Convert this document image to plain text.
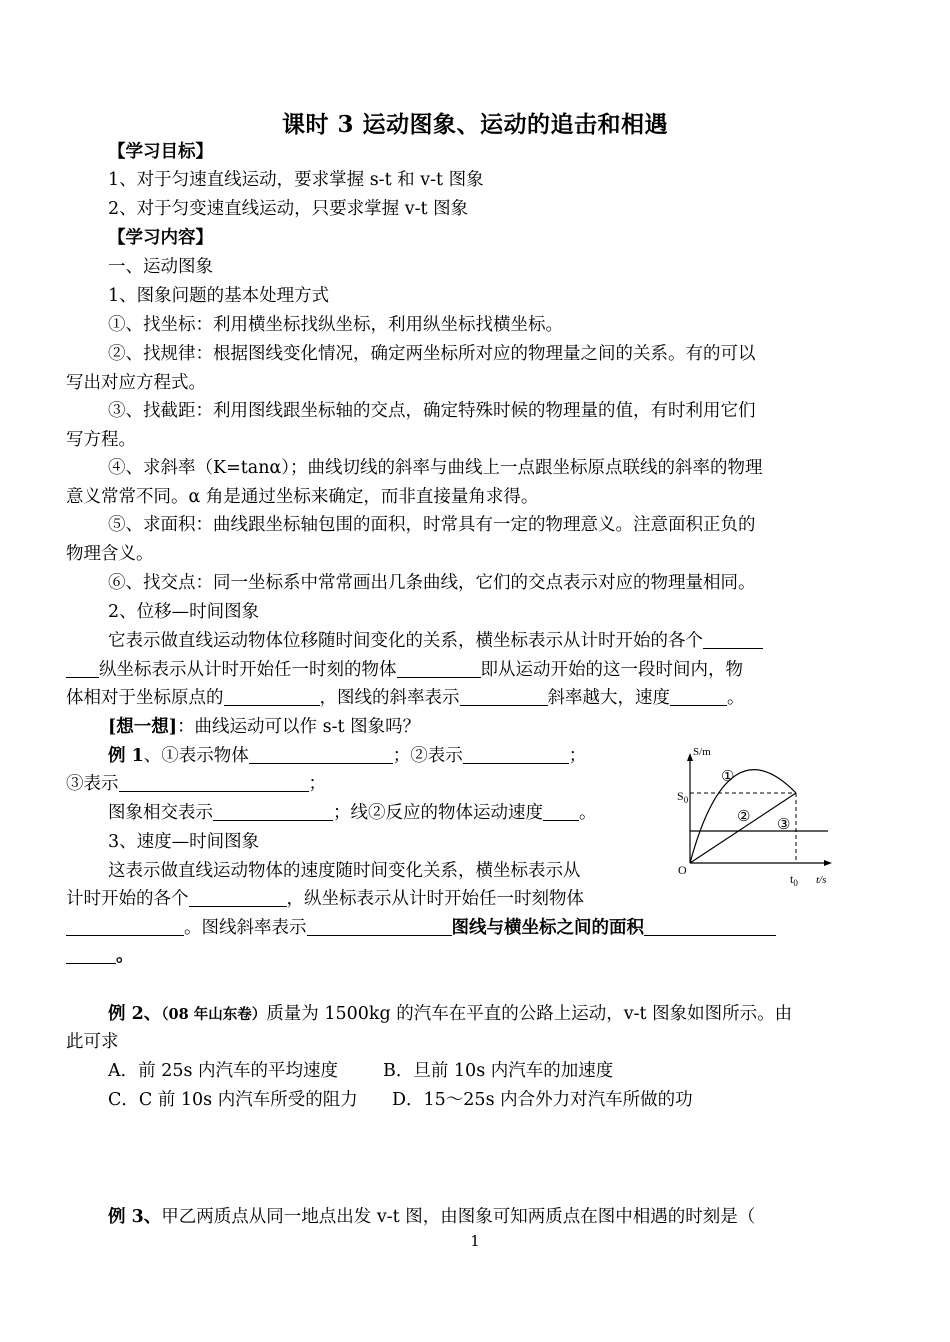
课时 3 运动图象、运动的追击和相遇
【学习目标】
1、对于匀速直线运动，要求掌握 s-t 和 v-t 图象
2、对于匀变速直线运动，只要求掌握 v-t 图象
【学习内容】
一、运动图象
1、图象问题的基本处理方式
①、找坐标：利用横坐标找纵坐标，利用纵坐标找横坐标。
②、找规律：根据图线变化情况，确定两坐标所对应的物理量之间的关系。有的可以
写出对应方程式。
③、找截距：利用图线跟坐标轴的交点，确定特殊时候的物理量的值，有时利用它们
写方程。
④、求斜率（K=tanα）；曲线切线的斜率与曲线上一点跟坐标原点联线的斜率的物理
意义常常不同。α 角是通过坐标来确定，而非直接量角求得。
⑤、求面积：曲线跟坐标轴包围的面积，时常具有一定的物理意义。注意面积正负的
物理含义。
⑥、找交点：同一坐标系中常常画出几条曲线，它们的交点表示对应的物理量相同。
2、位移—时间图象
它表示做直线运动物体位移随时间变化的关系，横坐标表示从计时开始的各个
纵坐标表示从计时开始任一时刻的物体	即从运动开始的这一段时间内，物
体相对于坐标原点的	，图线的斜率表示	斜率越大，速度	。
[想一想]：曲线运动可以作 s-t 图象吗？
例 1、①表示物体	；②表示	；
③表示	；
图象相交表示	；线②反应的物体运动速度 。
3、速度—时间图象
这表示做直线运动物体的速度随时间变化关系，横坐标表示从
计时开始的各个	，纵坐标表示从计时开始任一时刻物体
。图线斜率表示	图线与横坐标之间的面积
。
例 2、（08 年山东卷）质量为 1500kg 的汽车在平直的公路上运动，v-t 图象如图所示。由
此可求
A．前 25s 内汽车的平均速度	B．旦前 10s 内汽车的加速度
C．C 前 10s 内汽车所受的阻力 D．15～25s 内合外力对汽车所做的功
例 3、甲乙两质点从同一地点出发 v-t 图，由图象可知两质点在图中相遇的时刻是（
1
S/m
t/s
O
$S_0$
$t_0$
①
② ③
